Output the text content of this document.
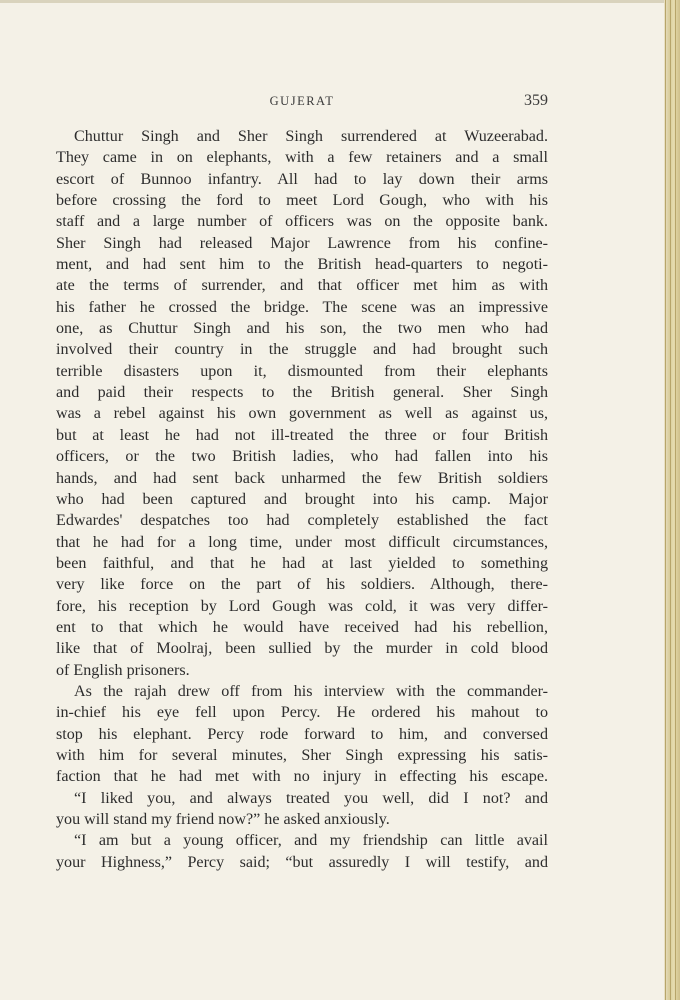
GUJERAT	359
Chuttur Singh and Sher Singh surrendered at Wuzeerabad.
They came in on elephants, with a few retainers and a small
escort of Bunnoo infantry. All had to lay down their arms
before crossing the ford to meet Lord Gough, who with his
staff and a large number of officers was on the opposite bank.
Sher Singh had released Major Lawrence from his confine-
ment, and had sent him to the British head-quarters to negoti-
ate the terms of surrender, and that officer met him as with
his father he crossed the bridge. The scene was an impressive
one, as Chuttur Singh and his son, the two men who had
involved their country in the struggle and had brought such
terrible disasters upon it, dismounted from their elephants
and paid their respects to the British general. Sher Singh
was a rebel against his own government as well as against us,
but at least he had not ill-treated the three or four British
officers, or the two British ladies, who had fallen into his
hands, and had sent back unharmed the few British soldiers
who had been captured and brought into his camp. Major
Edwardes' despatches too had completely established the fact
that he had for a long time, under most difficult circumstances,
been faithful, and that he had at last yielded to something
very like force on the part of his soldiers. Although, there-
fore, his reception by Lord Gough was cold, it was very differ-
ent to that which he would have received had his rebellion,
like that of Moolraj, been sullied by the murder in cold blood
of English prisoners.
As the rajah drew off from his interview with the commander-
in-chief his eye fell upon Percy. He ordered his mahout to
stop his elephant. Percy rode forward to him, and conversed
with him for several minutes, Sher Singh expressing his satis-
faction that he had met with no injury in effecting his escape.
“I liked you, and always treated you well, did I not? and
you will stand my friend now?” he asked anxiously.
“I am but a young officer, and my friendship can little avail
your Highness,” Percy said; “but assuredly I will testify, and
